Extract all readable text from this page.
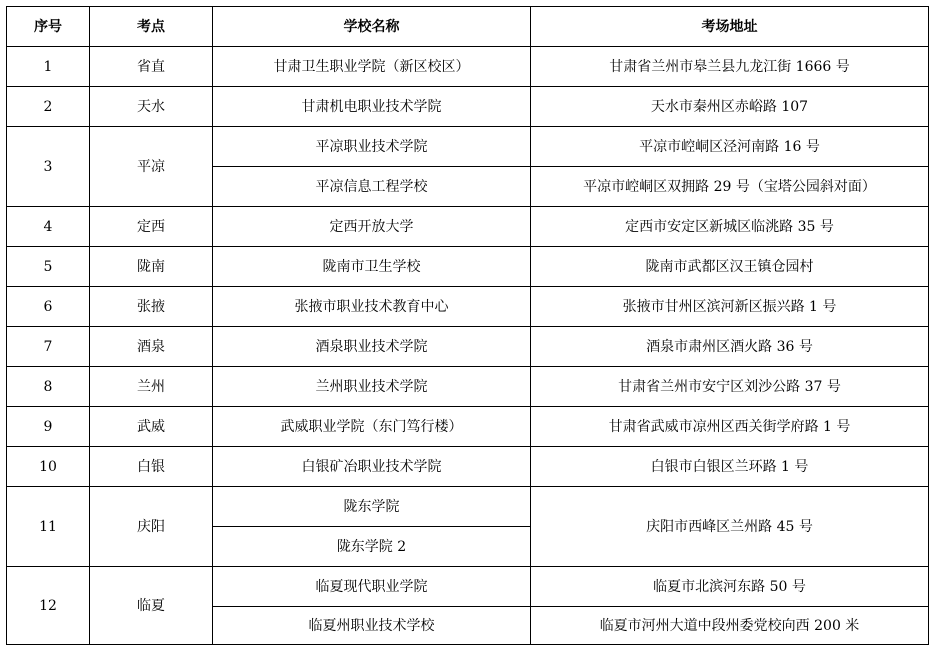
序号	考点	学校名称	考场地址
1	省直	甘肃卫生职业学院（新区校区）	甘肃省兰州市皋兰县九龙江街 1666 号
2	天水	甘肃机电职业技术学院	天水市秦州区赤峪路 107
3	平凉	平凉职业技术学院	平凉市崆峒区泾河南路 16 号
		平凉信息工程学校	平凉市崆峒区双拥路 29 号（宝塔公园斜对面）
4	定西	定西开放大学	定西市安定区新城区临洮路 35 号
5	陇南	陇南市卫生学校	陇南市武都区汉王镇仓园村
6	张掖	张掖市职业技术教育中心	张掖市甘州区滨河新区振兴路 1 号
7	酒泉	酒泉职业技术学院	酒泉市肃州区酒火路 36 号
8	兰州	兰州职业技术学院	甘肃省兰州市安宁区刘沙公路 37 号
9	武威	武威职业学院（东门笃行楼）	甘肃省武威市凉州区西关街学府路 1 号
10	白银	白银矿冶职业技术学院	白银市白银区兰环路 1 号
11	庆阳	陇东学院	庆阳市西峰区兰州路 45 号
		陇东学院 2	
12	临夏	临夏现代职业学院	临夏市北滨河东路 50 号
		临夏州职业技术学校	临夏市河州大道中段州委党校向西 200 米
